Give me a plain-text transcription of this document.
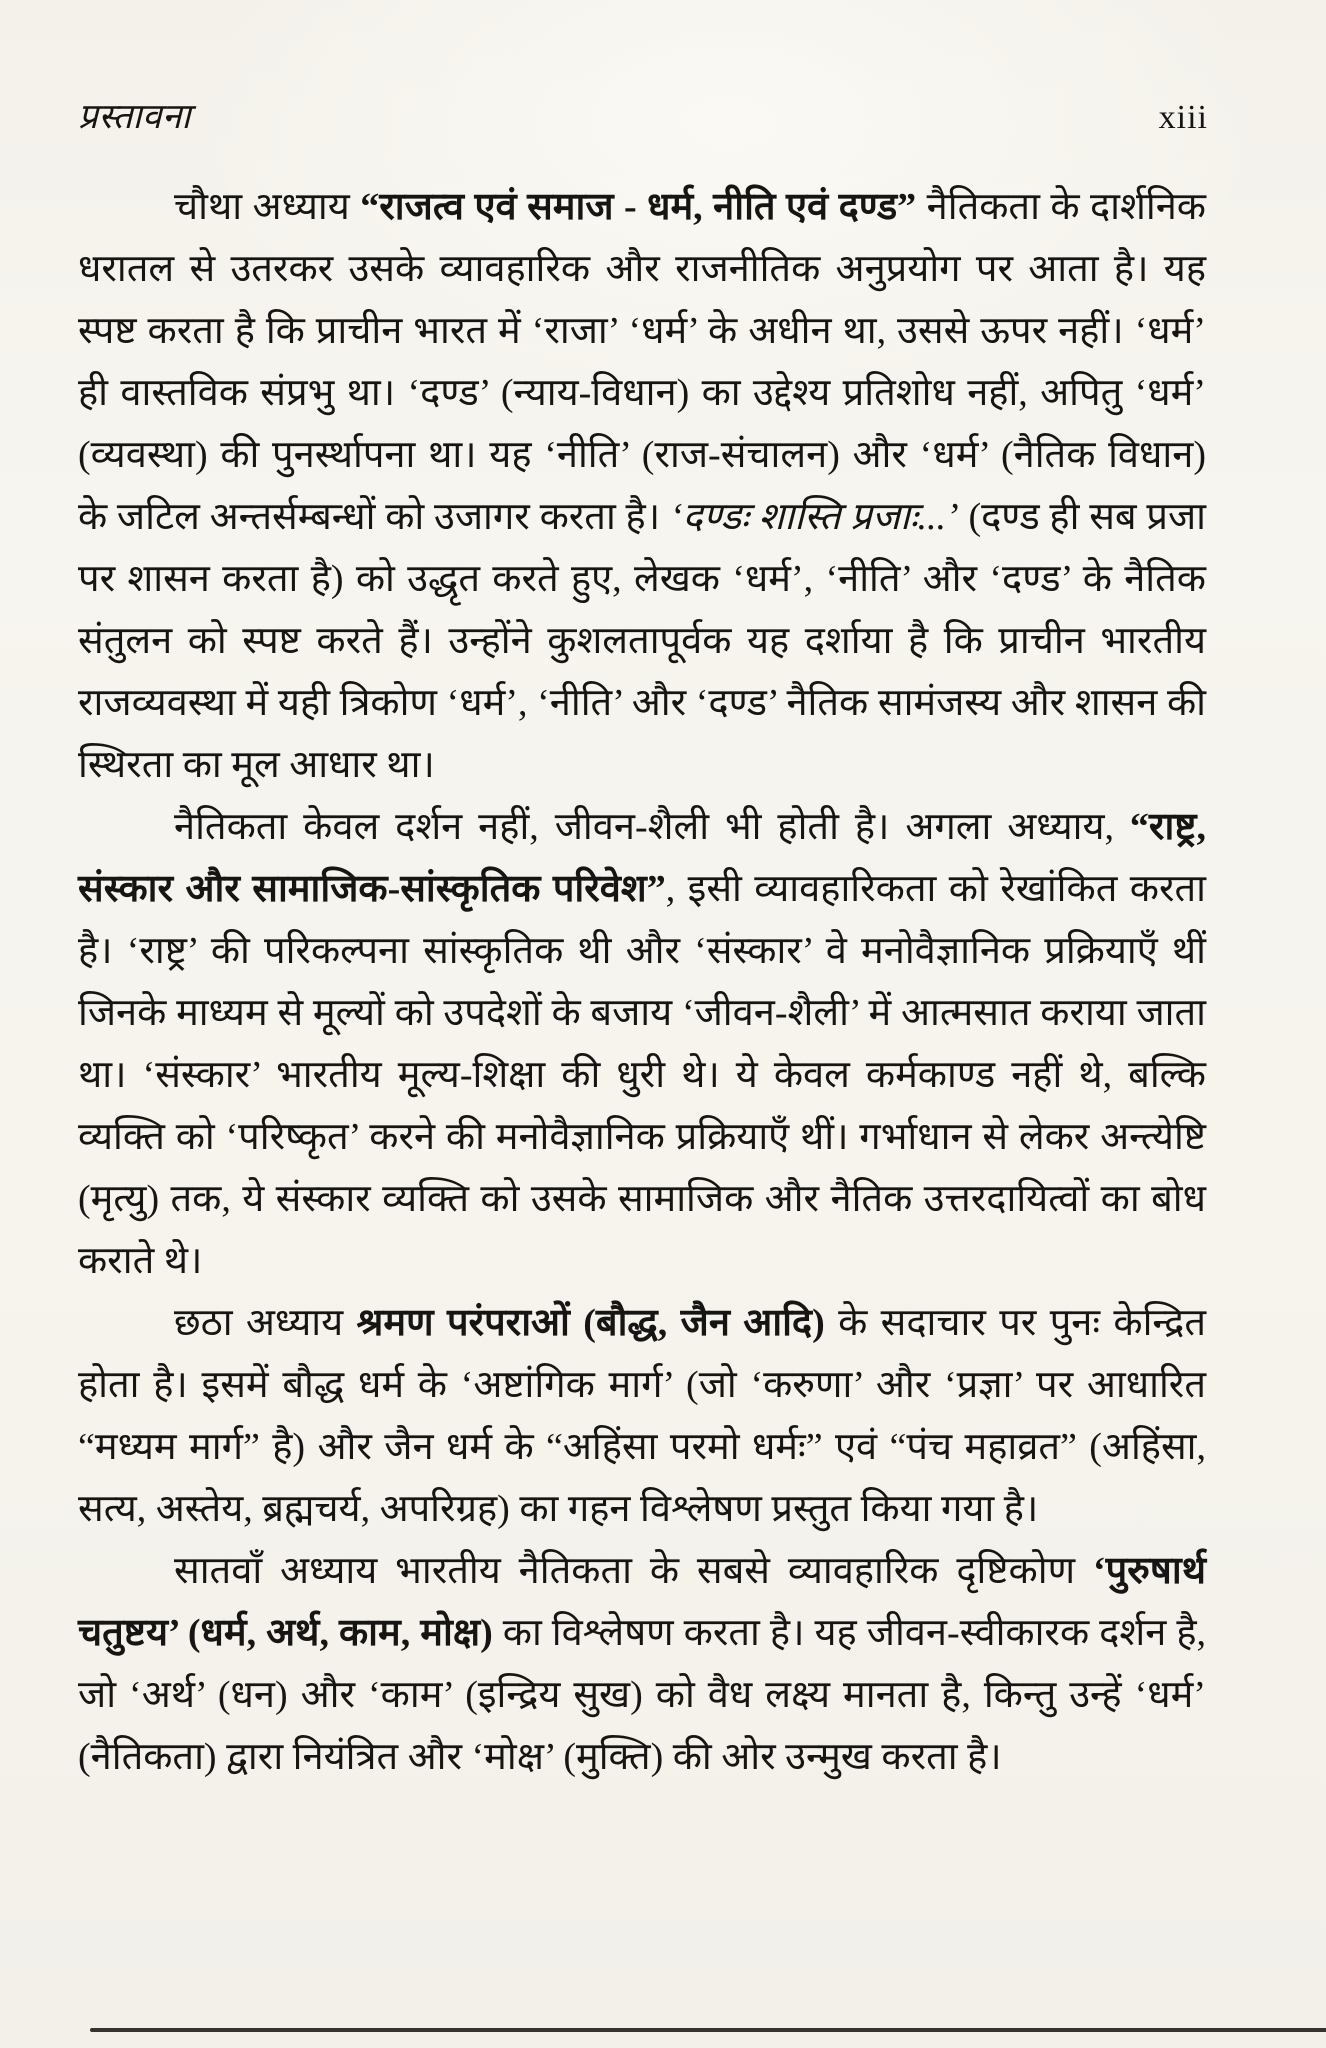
प्रस्तावना	xiii

चौथा अध्याय “राजत्व एवं समाज - धर्म, नीति एवं दण्ड” नैतिकता के दार्शनिक धरातल से उतरकर उसके व्यावहारिक और राजनीतिक अनुप्रयोग पर आता है। यह स्पष्ट करता है कि प्राचीन भारत में ‘राजा’ ‘धर्म’ के अधीन था, उससे ऊपर नहीं। ‘धर्म’ ही वास्तविक संप्रभु था। ‘दण्ड’ (न्याय-विधान) का उद्देश्य प्रतिशोध नहीं, अपितु ‘धर्म’ (व्यवस्था) की पुनर्स्थापना था। यह ‘नीति’ (राज-संचालन) और ‘धर्म’ (नैतिक विधान) के जटिल अन्तर्सम्बन्धों को उजागर करता है। ‘दण्डः शास्ति प्रजाः...’ (दण्ड ही सब प्रजा पर शासन करता है) को उद्धृत करते हुए, लेखक ‘धर्म’, ‘नीति’ और ‘दण्ड’ के नैतिक संतुलन को स्पष्ट करते हैं। उन्होंने कुशलतापूर्वक यह दर्शाया है कि प्राचीन भारतीय राजव्यवस्था में यही त्रिकोण ‘धर्म’, ‘नीति’ और ‘दण्ड’ नैतिक सामंजस्य और शासन की स्थिरता का मूल आधार था।

नैतिकता केवल दर्शन नहीं, जीवन-शैली भी होती है। अगला अध्याय, “राष्ट्र, संस्कार और सामाजिक-सांस्कृतिक परिवेश”, इसी व्यावहारिकता को रेखांकित करता है। ‘राष्ट्र’ की परिकल्पना सांस्कृतिक थी और ‘संस्कार’ वे मनोवैज्ञानिक प्रक्रियाएँ थीं जिनके माध्यम से मूल्यों को उपदेशों के बजाय ‘जीवन-शैली’ में आत्मसात कराया जाता था। ‘संस्कार’ भारतीय मूल्य-शिक्षा की धुरी थे। ये केवल कर्मकाण्ड नहीं थे, बल्कि व्यक्ति को ‘परिष्कृत’ करने की मनोवैज्ञानिक प्रक्रियाएँ थीं। गर्भाधान से लेकर अन्त्येष्टि (मृत्यु) तक, ये संस्कार व्यक्ति को उसके सामाजिक और नैतिक उत्तरदायित्वों का बोध कराते थे।

छठा अध्याय श्रमण परंपराओं (बौद्ध, जैन आदि) के सदाचार पर पुनः केन्द्रित होता है। इसमें बौद्ध धर्म के ‘अष्टांगिक मार्ग’ (जो ‘करुणा’ और ‘प्रज्ञा’ पर आधारित “मध्यम मार्ग” है) और जैन धर्म के “अहिंसा परमो धर्मः” एवं “पंच महाव्रत” (अहिंसा, सत्य, अस्तेय, ब्रह्मचर्य, अपरिग्रह) का गहन विश्लेषण प्रस्तुत किया गया है।

सातवाँ अध्याय भारतीय नैतिकता के सबसे व्यावहारिक दृष्टिकोण ‘पुरुषार्थ चतुष्टय’ (धर्म, अर्थ, काम, मोक्ष) का विश्लेषण करता है। यह जीवन-स्वीकारक दर्शन है, जो ‘अर्थ’ (धन) और ‘काम’ (इन्द्रिय सुख) को वैध लक्ष्य मानता है, किन्तु उन्हें ‘धर्म’ (नैतिकता) द्वारा नियंत्रित और ‘मोक्ष’ (मुक्ति) की ओर उन्मुख करता है।
